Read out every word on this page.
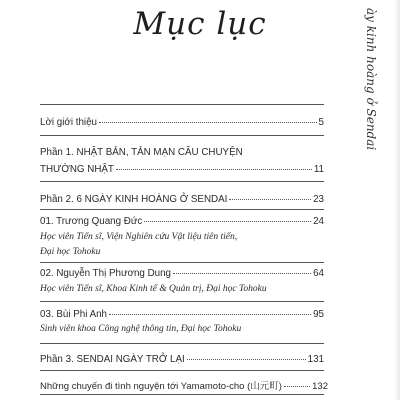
Mục lục	ày kinh hoàng ở Sendai
Lời giới thiệu	5
Phần 1. NHẬT BẢN, TẢN MẠN CÂU CHUYỆN
THƯỜNG NHẬT	11
Phần 2. 6 NGÀY KINH HOÀNG Ở SENDAI	23
01. Trương Quang Đức	24
Học viên Tiến sĩ, Viện Nghiên cứu Vật liệu tiên tiến,
Đại học Tohoku
02. Nguyễn Thị Phương Dung	64
Học viên Tiến sĩ, Khoa Kinh tế & Quản trị, Đại học Tohoku
03. Bùi Phi Anh	95
Sinh viên khoa Công nghệ thông tin, Đại học Tohoku
Phần 3. SENDAI NGÀY TRỞ LẠI	131
Những chuyến đi tình nguyện tới Yamamoto-cho (山元町)	132
